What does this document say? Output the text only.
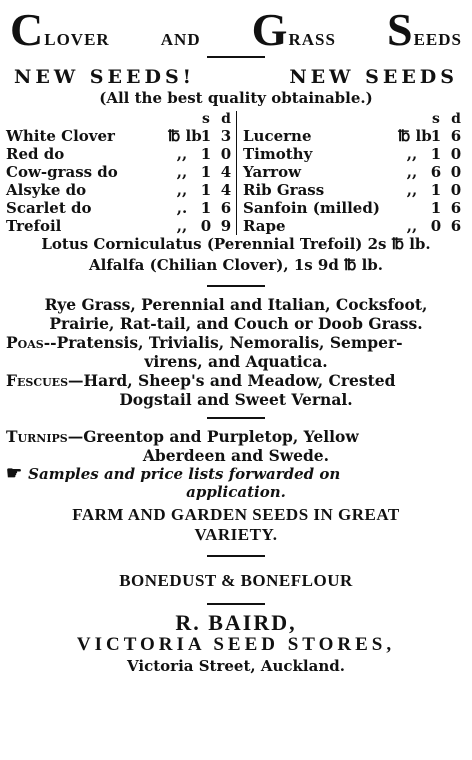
CLOVER	AND GRASS SEEDS
NEW SEEDS!	NEW SEEDS
(All the best quality obtainable.)
s d
White Clover	℔ lb 1 3
Red do	,, 1 0
Cow-grass do	,, 1 4
Alsyke do	,, 1 4
Scarlet do	,. 1 6
Trefoil	,, 0 9
s d
Lucerne	℔ lb 1 6
Timothy	,, 1 0
Yarrow	,, 6 0
Rib Grass	,, 1 0
Sanfoin (milled)	1 6
Rape	,, 0 6
Lotus Corniculatus (Perennial Trefoil) 2s ℔ lb.
Alfalfa (Chilian Clover), 1s 9d ℔ lb.
Rye Grass, Perennial and Italian, Cocksfoot,
Prairie, Rat-tail, and Couch or Doob Grass.
Poas--Pratensis, Trivialis, Nemoralis, Semper-
virens, and Aquatica.
Fescues—Hard, Sheep's and Meadow, Crested
Dogstail and Sweet Vernal.
Turnips—Greentop and Purpletop, Yellow
Aberdeen and Swede.
☛ Samples and price lists forwarded on
application.
FARM AND GARDEN SEEDS IN GREAT
VARIETY.
BONEDUST & BONEFLOUR
R. BAIRD,
VICTORIA SEED STORES,
Victoria Street, Auckland.
